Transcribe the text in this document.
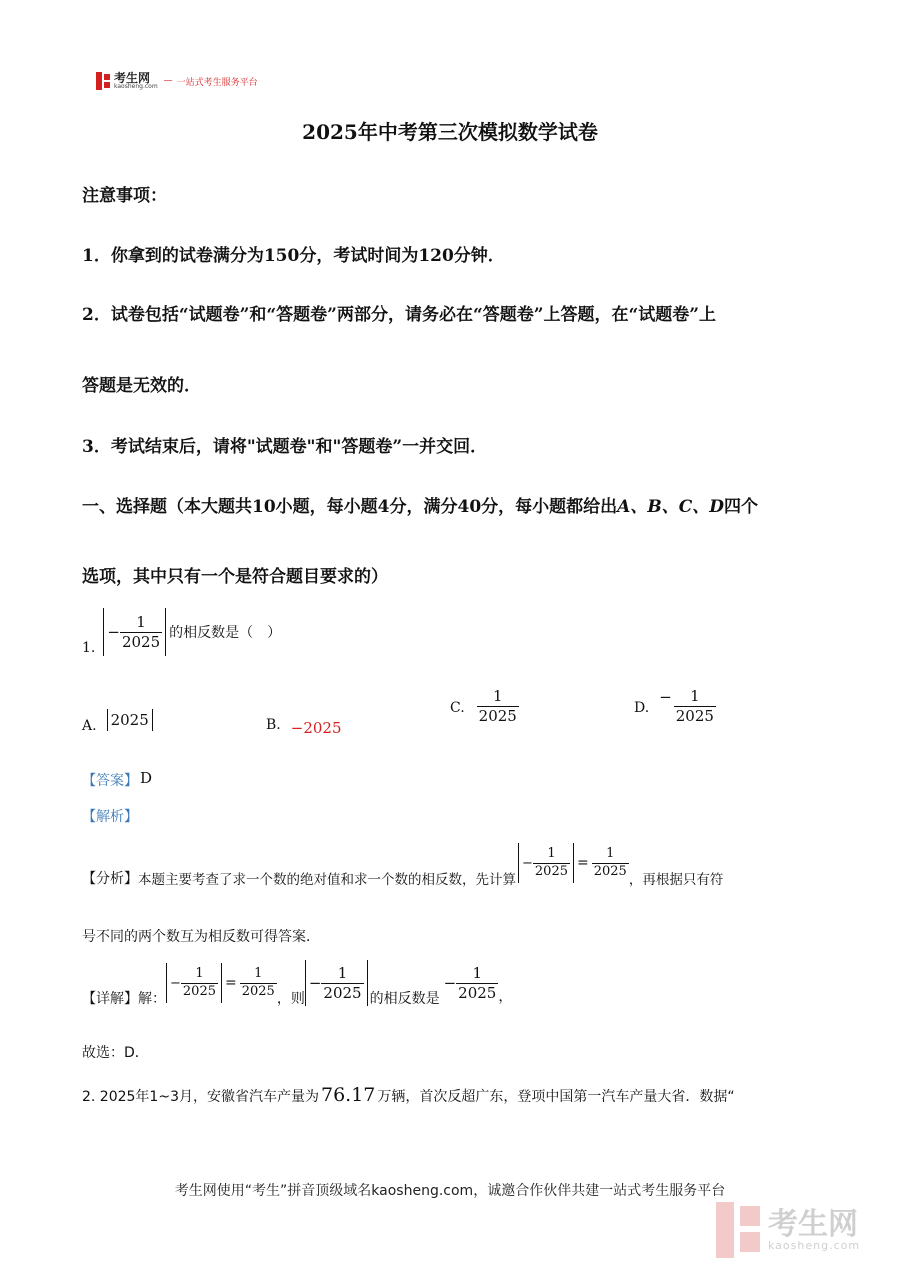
考生网
kaosheng.com
— 一站式考生服务平台
2025年中考第三次模拟数学试卷
注意事项：
1．你拿到的试卷满分为150分，考试时间为120分钟．
2．试卷包括“试题卷”和“答题卷”两部分，请务必在“答题卷”上答题，在“试题卷”上
答题是无效的．
3．考试结束后，请将"试题卷"和"答题卷”一并交回．
一、选择题（本大题共10小题，每小题4分，满分40分，每小题都给出A、B、C、D四个
选项，其中只有一个是符合题目要求的）
1.
− $\frac{1}{2025}$ 的相反数是（　）
A. 2025	B. −2025
C. $\frac{1}{2025}$	D.
− $\frac{1}{2025}$
【答案】 D
【解析】
【分析】 本题主要考查了求一个数的绝对值和求一个数的相反数，先计算
− $\frac{1}{2025} = \frac{1}{2025}$
，再根据只有符
号不同的两个数互为相反数可得答案．
【详解】 解：
− $\frac{1}{2025} = \frac{1}{2025}$
，则
− $\frac{1}{2025}$ 的相反数是
− $\frac{1}{2025}$ ，
故选：D．
2. 2025年1~3月，安徽省汽车产量为 76.17 万辆，首次反超广东，登项中国第一汽车产量大省．数据“
考生网使用“考生”拼音顶级域名kaosheng.com，诚邀合作伙伴共建一站式考生服务平台
考生网
kaosheng.com
